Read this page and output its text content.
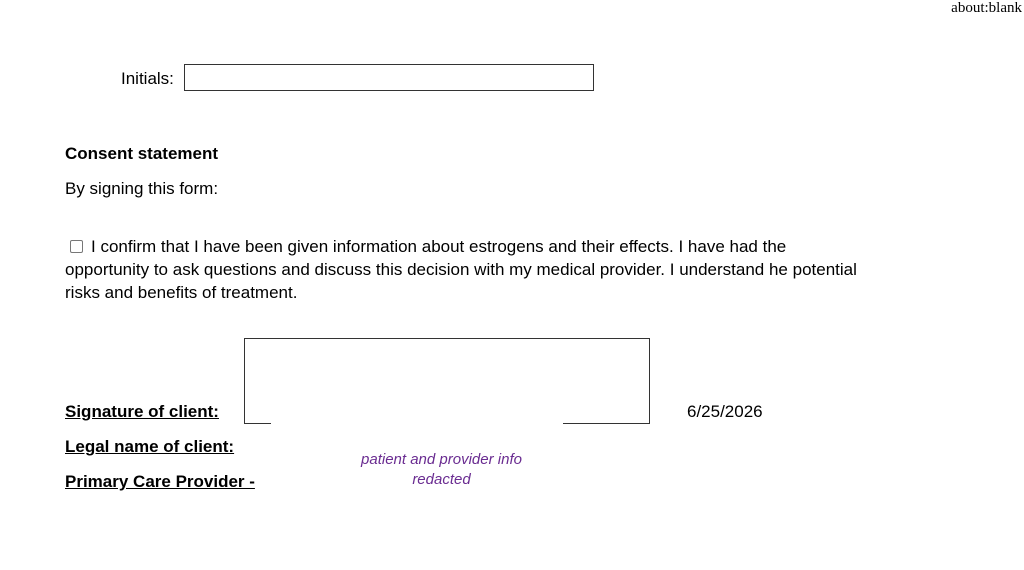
about:blank
Initials:
Consent statement
By signing this form:
I confirm that I have been given information about estrogens and their effects. I have had the opportunity to ask questions and discuss this decision with my medical provider. I understand he potential risks and benefits of treatment.
Signature of client:	6/25/2026
Legal name of client:
Primary Care Provider -
patient and provider info redacted
